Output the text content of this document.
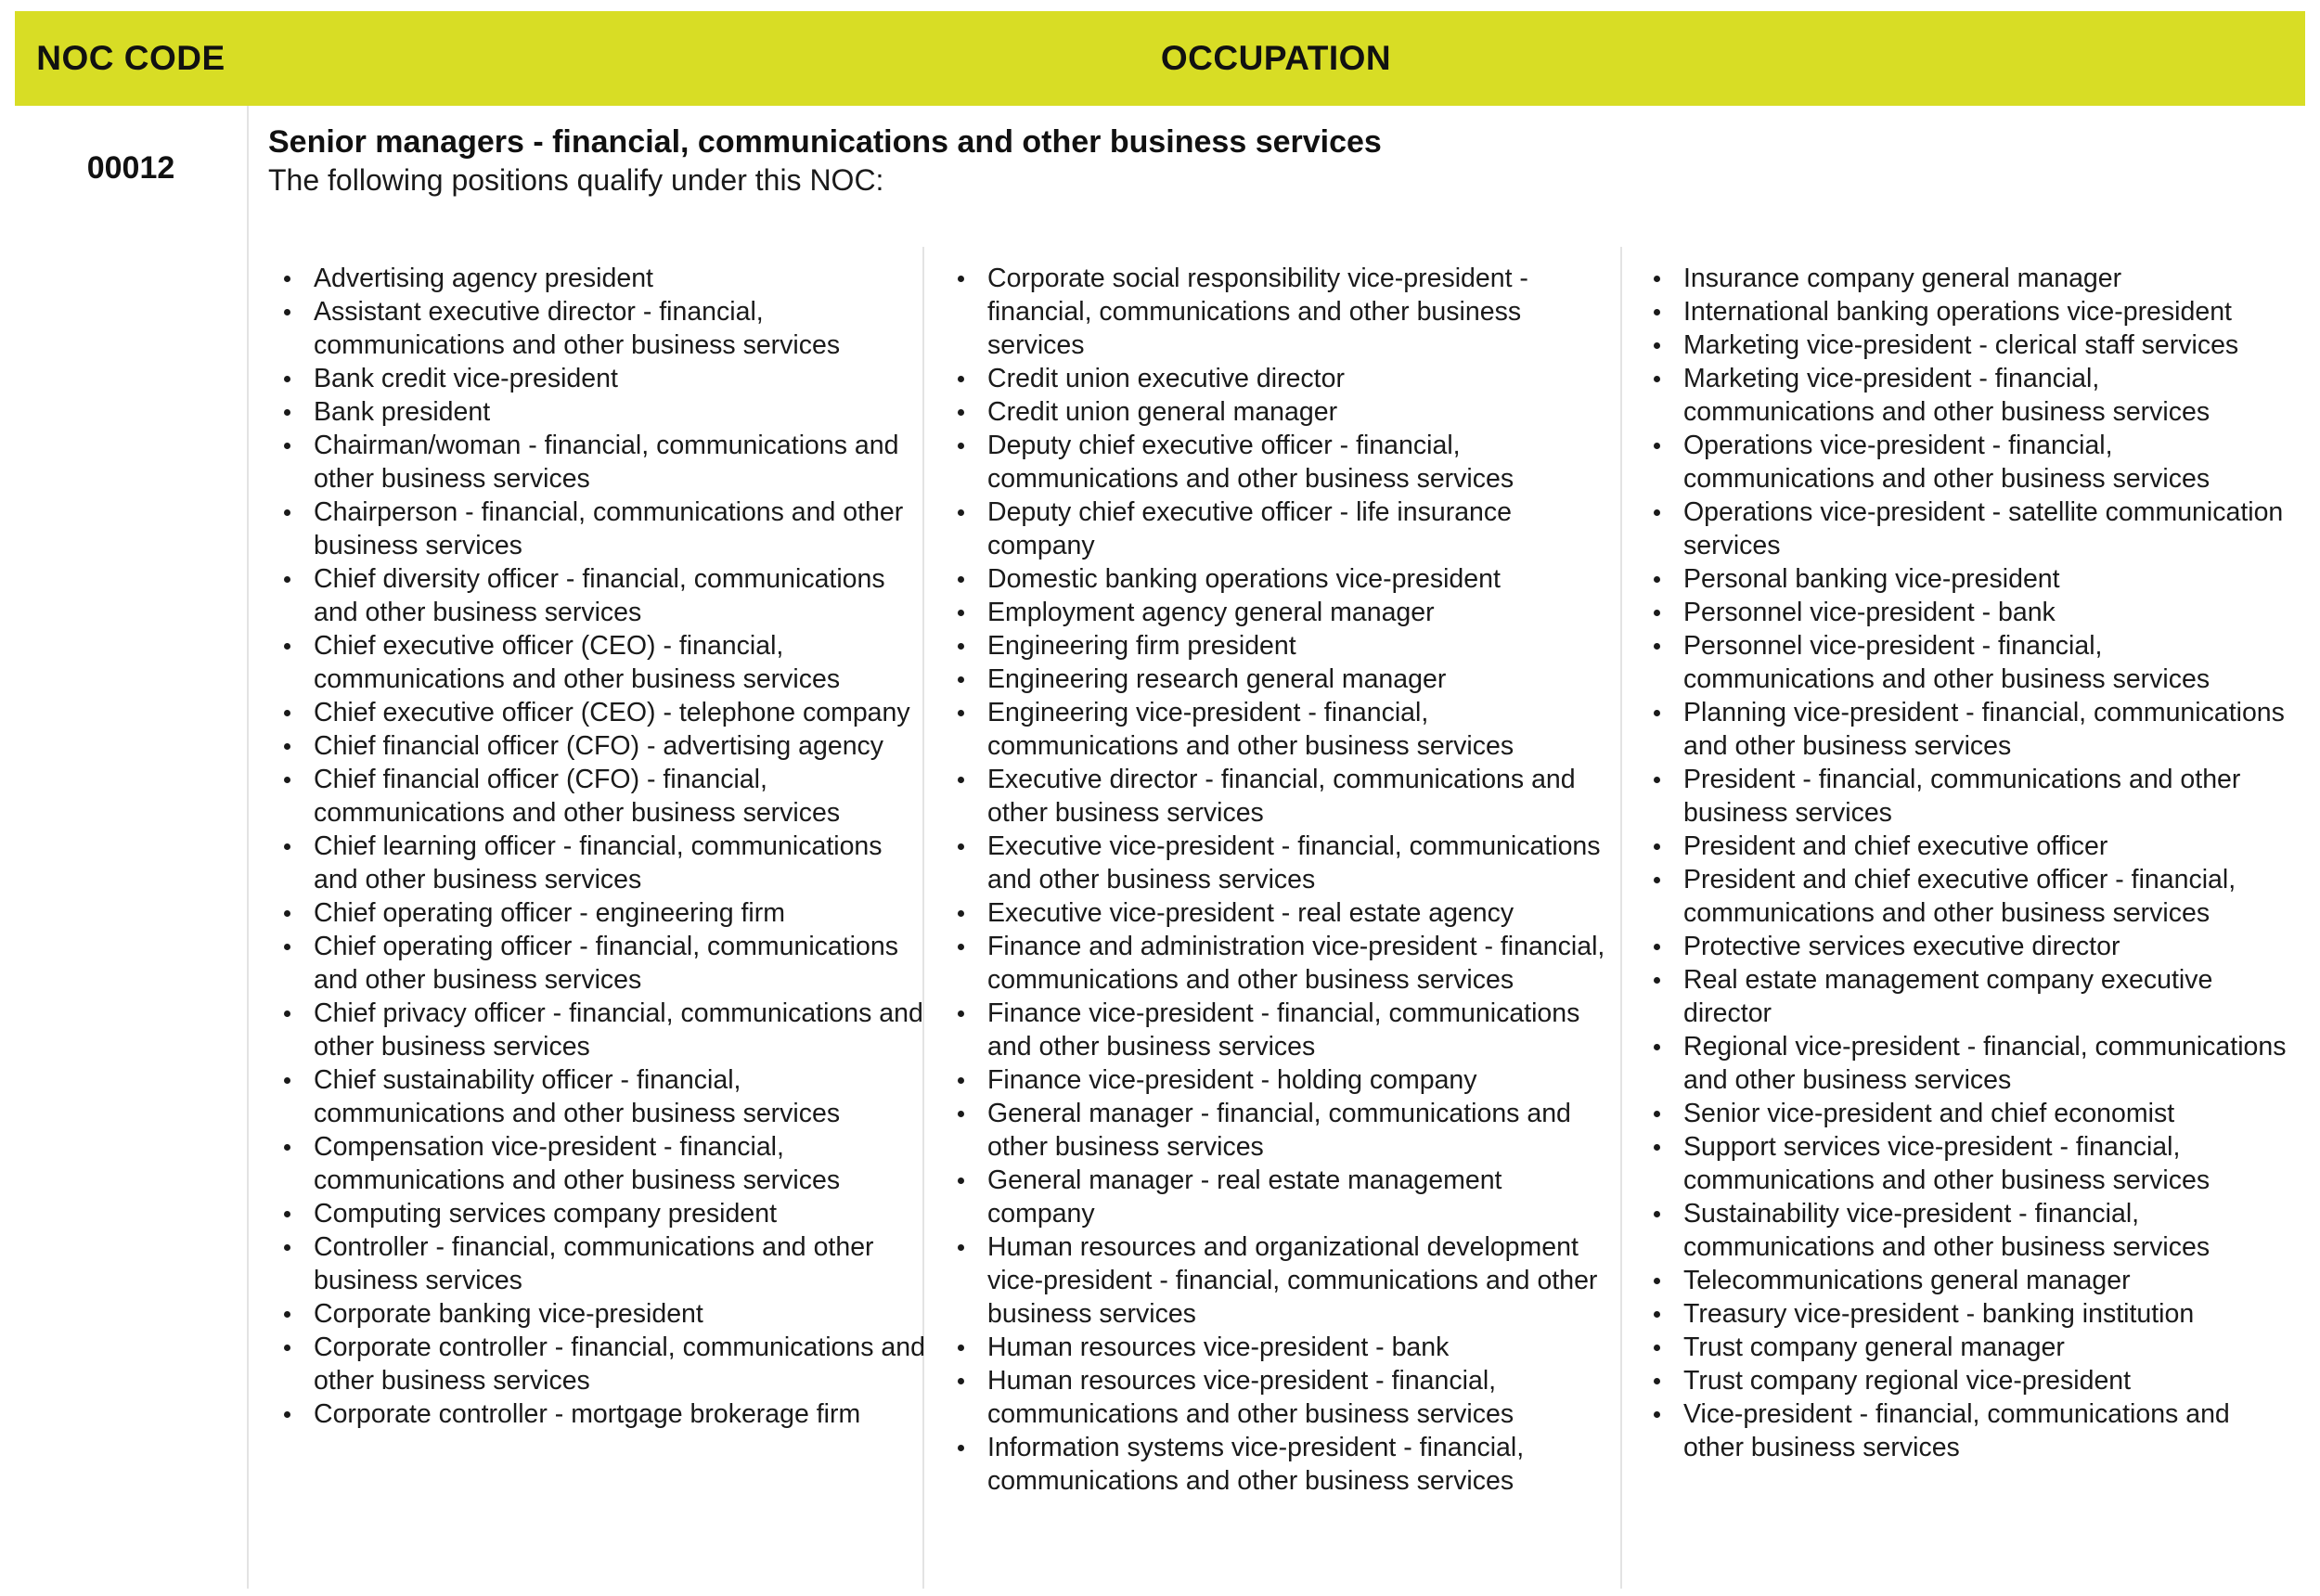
NOC CODE	OCCUPATION
00012
Senior managers - financial, communications and other business services
The following positions qualify under this NOC:
Advertising agency president
Assistant executive director - financial, communications and other business services
Bank credit vice-president
Bank president
Chairman/woman - financial, communications and other business services
Chairperson - financial, communications and other business services
Chief diversity officer - financial, communications and other business services
Chief executive officer (CEO) - financial, communications and other business services
Chief executive officer (CEO) - telephone company
Chief financial officer (CFO) - advertising agency
Chief financial officer (CFO) - financial, communications and other business services
Chief learning officer - financial, communications and other business services
Chief operating officer - engineering firm
Chief operating officer - financial, communications and other business services
Chief privacy officer - financial, communications and other business services
Chief sustainability officer - financial, communications and other business services
Compensation vice-president - financial, communications and other business services
Computing services company president
Controller - financial, communications and other business services
Corporate banking vice-president
Corporate controller - financial, communications and other business services
Corporate controller - mortgage brokerage firm
Corporate social responsibility vice-president - financial, communications and other business services
Credit union executive director
Credit union general manager
Deputy chief executive officer - financial, communications and other business services
Deputy chief executive officer - life insurance company
Domestic banking operations vice-president
Employment agency general manager
Engineering firm president
Engineering research general manager
Engineering vice-president - financial, communications and other business services
Executive director - financial, communications and other business services
Executive vice-president - financial, communications and other business services
Executive vice-president - real estate agency
Finance and administration vice-president - financial, communications and other business services
Finance vice-president - financial, communications and other business services
Finance vice-president - holding company
General manager - financial, communications and other business services
General manager - real estate management company
Human resources and organizational development vice-president - financial, communications and other business services
Human resources vice-president - bank
Human resources vice-president - financial, communications and other business services
Information systems vice-president - financial, communications and other business services
Insurance company general manager
International banking operations vice-president
Marketing vice-president - clerical staff services
Marketing vice-president - financial, communications and other business services
Operations vice-president - financial, communications and other business services
Operations vice-president - satellite communication services
Personal banking vice-president
Personnel vice-president - bank
Personnel vice-president - financial, communications and other business services
Planning vice-president - financial, communications and other business services
President - financial, communications and other business services
President and chief executive officer
President and chief executive officer - financial, communications and other business services
Protective services executive director
Real estate management company executive director
Regional vice-president - financial, communications and other business services
Senior vice-president and chief economist
Support services vice-president - financial, communications and other business services
Sustainability vice-president - financial, communications and other business services
Telecommunications general manager
Treasury vice-president - banking institution
Trust company general manager
Trust company regional vice-president
Vice-president - financial, communications and other business services
